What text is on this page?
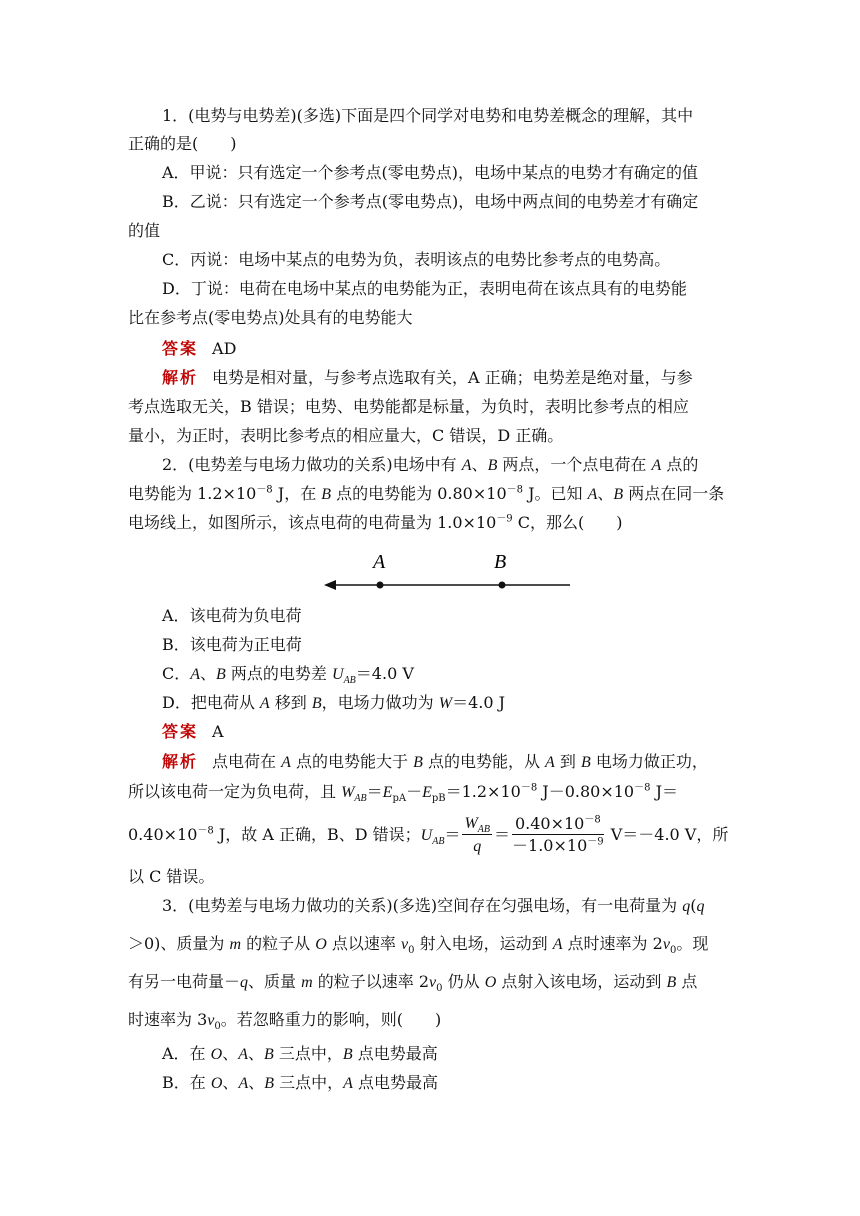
1．(电势与电势差)(多选)下面是四个同学对电势和电势差概念的理解，其中
正确的是(　　)
A．甲说：只有选定一个参考点(零电势点)，电场中某点的电势才有确定的值
B．乙说：只有选定一个参考点(零电势点)，电场中两点间的电势差才有确定
的值
C．丙说：电场中某点的电势为负，表明该点的电势比参考点的电势高。
D．丁说：电荷在电场中某点的电势能为正，表明电荷在该点具有的电势能
比在参考点(零电势点)处具有的电势能大
答案 AD
解析 电势是相对量，与参考点选取有关，A 正确；电势差是绝对量，与参
考点选取无关，B 错误；电势、电势能都是标量，为负时，表明比参考点的相应
量小，为正时，表明比参考点的相应量大，C 错误，D 正确。
2．(电势差与电场力做功的关系)电场中有 A、B 两点，一个点电荷在 A 点的
电势能为 $1.2\times 10^{-8}$ J，在 B 点的电势能为 $0.80\times 10^{-8}$ J。已知 A、B 两点在同一条
电场线上，如图所示，该点电荷的电荷量为 $1.0\times 10^{-9}$ C，那么(　　)
A	B
A．该电荷为负电荷
B．该电荷为正电荷
C．A、B 两点的电势差 $U_{AB}=4.0$ V
D．把电荷从 A 移到 B，电场力做功为 W＝4.0 J
答案 A
解析 点电荷在 A 点的电势能大于 B 点的电势能，从 A 到 B 电场力做正功，
所以该电荷一定为负电荷，且 $W_{AB}=E_{pA}-E_{pB}=1.2\times 10^{-8}$ $J-0.80\times 10^{-8}$ J＝
$0.40\times 10^{-8}$ J，故 A 正确，B、D 错误；$U_{AB}= \frac{W_{AB}}{q} = \frac{0.40\times 10^{-8}}{-1.0\times 10^{-9}} V=-4.0$ V，所
以 C 错误。
3．(电势差与电场力做功的关系)(多选)空间存在匀强电场，有一电荷量为 q(q
＞0)、质量为 m 的粒子从 O 点以速率 $v_0$ 射入电场，运动到 A 点时速率为 $2v_0$。现
有另一电荷量－q、质量 m 的粒子以速率 $2v_0$ 仍从 O 点射入该电场，运动到 B 点
时速率为 $3v_0$。若忽略重力的影响，则(　　)
A．在 O、A、B 三点中，B 点电势最高
B．在 O、A、B 三点中，A 点电势最高
